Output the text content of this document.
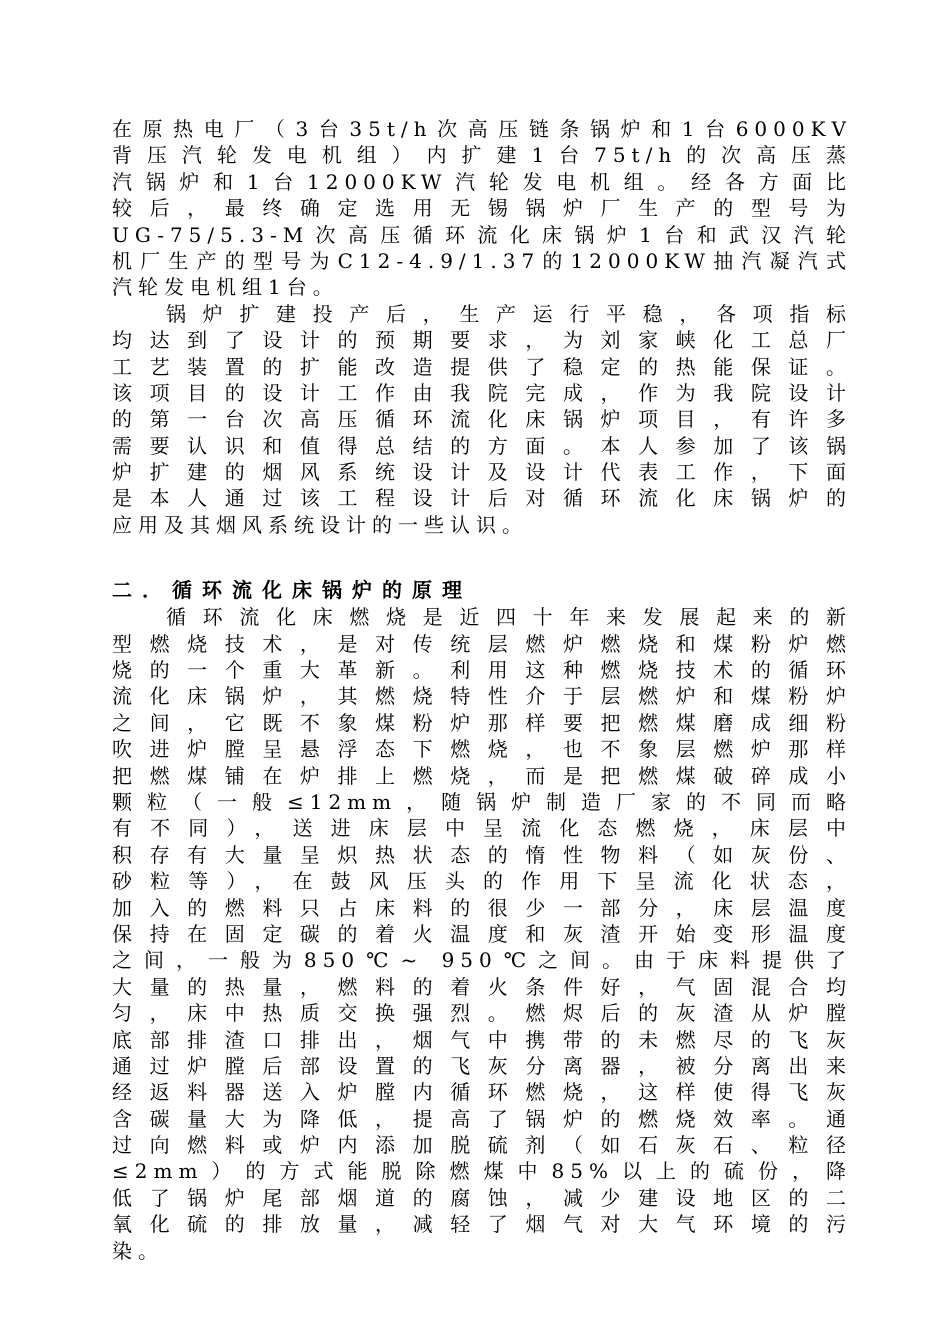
在原热电厂（3台35t/h次高压链条锅炉和1台6000KV
背压汽轮发电机组）内扩建1台75t/h的次高压蒸
汽锅炉和1台12000KW汽轮发电机组。经各方面比
较后，最终确定选用无锡锅炉厂生产的型号为
UG-75/5.3-M次高压循环流化床锅炉1台和武汉汽轮
机厂生产的型号为C12-4.9/1.37的12000KW抽汽凝汽式
汽轮发电机组1台。
锅炉扩建投产后，生产运行平稳，各项指标
均达到了设计的预期要求，为刘家峡化工总厂
工艺装置的扩能改造提供了稳定的热能保证。
该项目的设计工作由我院完成，作为我院设计
的第一台次高压循环流化床锅炉项目，有许多
需要认识和值得总结的方面。本人参加了该锅
炉扩建的烟风系统设计及设计代表工作，下面
是本人通过该工程设计后对循环流化床锅炉的
应用及其烟风系统设计的一些认识。
二．循环流化床锅炉的原理
循环流化床燃烧是近四十年来发展起来的新
型燃烧技术，是对传统层燃炉燃烧和煤粉炉燃
烧的一个重大革新。利用这种燃烧技术的循环
流化床锅炉，其燃烧特性介于层燃炉和煤粉炉
之间，它既不象煤粉炉那样要把燃煤磨成细粉
吹进炉膛呈悬浮态下燃烧，也不象层燃炉那样
把燃煤铺在炉排上燃烧，而是把燃煤破碎成小
颗粒（一般≤12mm，随锅炉制造厂家的不同而略
有不同），送进床层中呈流化态燃烧，床层中
积存有大量呈炽热状态的惰性物料（如灰份、
砂粒等），在鼓风压头的作用下呈流化状态，
加入的燃料只占床料的很少一部分，床层温度
保持在固定碳的着火温度和灰渣开始变形温度
之间，一般为850℃~ 950℃之间。由于床料提供了
大量的热量，燃料的着火条件好，气固混合均
匀，床中热质交换强烈。燃烬后的灰渣从炉膛
底部排渣口排出，烟气中携带的未燃尽的飞灰
通过炉膛后部设置的飞灰分离器，被分离出来
经返料器送入炉膛内循环燃烧，这样使得飞灰
含碳量大为降低，提高了锅炉的燃烧效率。通
过向燃料或炉内添加脱硫剂（如石灰石、粒径
≤2mm）的方式能脱除燃煤中85%以上的硫份，降
低了锅炉尾部烟道的腐蚀，减少建设地区的二
氧化硫的排放量，减轻了烟气对大气环境的污
染。
